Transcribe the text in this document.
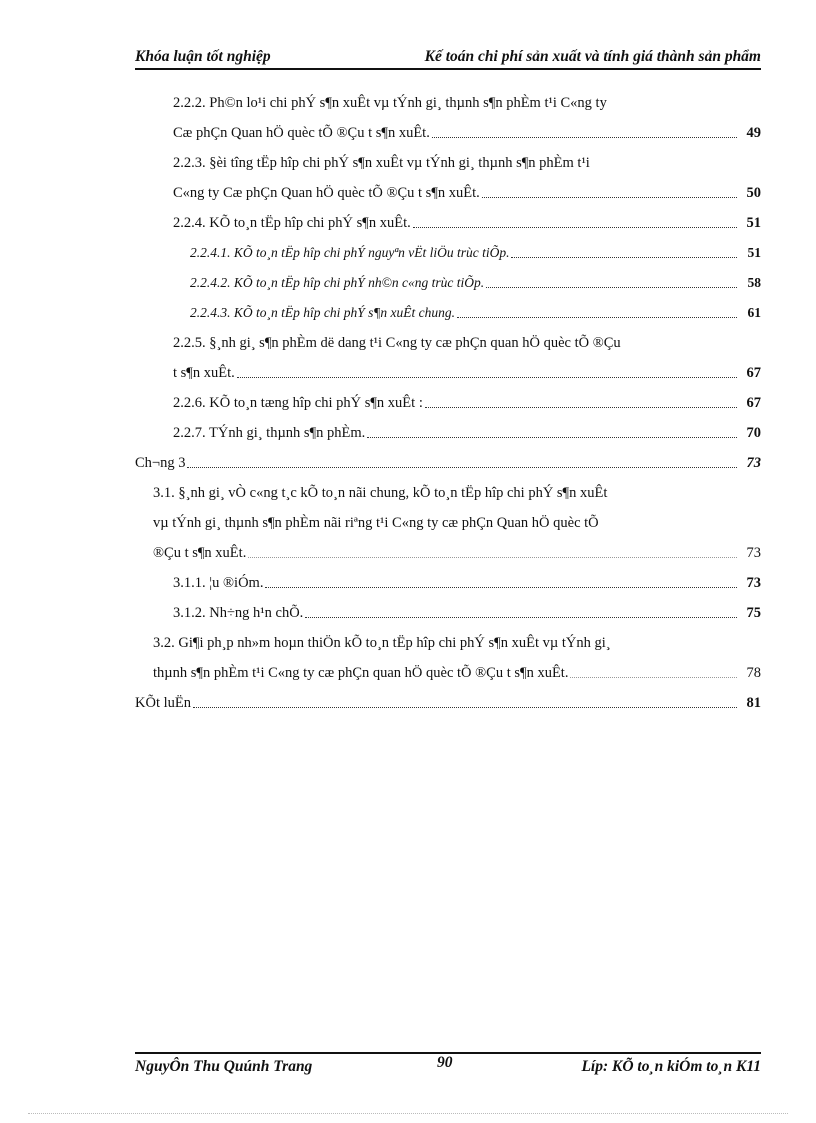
Khóa luận tốt nghiệp	Kế toán chi phí sản xuất và tính giá thành sản phẩm
2.2.2. Ph©n lo¹i chi phÝ s¶n xuÊt vµ tÝnh gi¸ thµnh s¶n phÈm t¹i C«ng ty
Cæ phÇn Quan hÖ quèc tÕ ®Çu t s¶n xuÊt.	49
2.2.3. §èi tîng tËp hîp chi phÝ s¶n xuÊt vµ tÝnh gi¸ thµnh s¶n phÈm t¹i
C«ng ty Cæ phÇn Quan hÖ quèc tÕ ®Çu t s¶n xuÊt.	50
2.2.4. KÕ to¸n tËp hîp chi phÝ s¶n xuÊt.	51
2.2.4.1. KÕ to¸n tËp hîp chi phÝ nguyªn vËt liÖu trùc tiÕp.	51
2.2.4.2. KÕ to¸n tËp hîp chi phÝ nh©n c«ng trùc tiÕp.	58
2.2.4.3. KÕ to¸n tËp hîp chi phÝ s¶n xuÊt chung.	61
2.2.5. §¸nh gi¸ s¶n phÈm dë dang t¹i C«ng ty cæ phÇn quan hÖ quèc tÕ ®Çu
t s¶n xuÊt.	67
2.2.6. KÕ to¸n tæng hîp chi phÝ s¶n xuÊt :	67
2.2.7. TÝnh gi¸ thµnh s¶n phÈm.	70
Ch¬ng 3	73
3.1. §¸nh gi¸ vÒ c«ng t¸c kÕ to¸n nãi chung, kÕ to¸n tËp hîp chi phÝ s¶n xuÊt
vµ tÝnh gi¸ thµnh s¶n phÈm nãi riªng t¹i C«ng ty cæ phÇn Quan hÖ quèc tÕ
®Çu t s¶n xuÊt.	73
3.1.1. ¦u ®iÓm.	73
3.1.2. Nh÷ng h¹n chÕ.	75
3.2. Gi¶i ph¸p nh»m hoµn thiÖn kÕ to¸n tËp hîp chi phÝ s¶n xuÊt vµ tÝnh gi¸
thµnh s¶n phÈm t¹i C«ng ty cæ phÇn quan hÖ quèc tÕ ®Çu t s¶n xuÊt.	78
KÕt luËn	81
NguyÔn Thu Quúnh Trang	90	Líp: KÕ to¸n kiÓm to¸n K11
